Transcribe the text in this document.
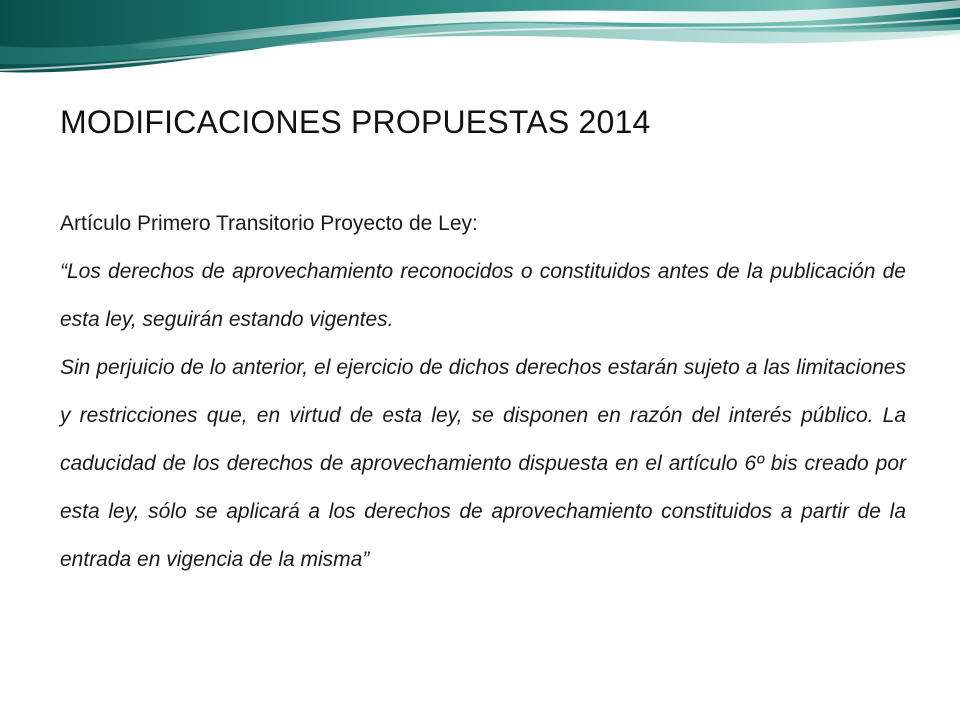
MODIFICACIONES PROPUESTAS 2014

Artículo Primero Transitorio Proyecto de Ley:

“Los derechos de aprovechamiento reconocidos o constituidos antes de la publicación de esta ley, seguirán estando vigentes.

Sin perjuicio de lo anterior, el ejercicio de dichos derechos estarán sujeto a las limitaciones y restricciones que, en virtud de esta ley, se disponen en razón del interés público. La caducidad de los derechos de aprovechamiento dispuesta en el artículo 6º bis creado por esta ley, sólo se aplicará a los derechos de aprovechamiento constituidos a partir de la entrada en vigencia de la misma”
